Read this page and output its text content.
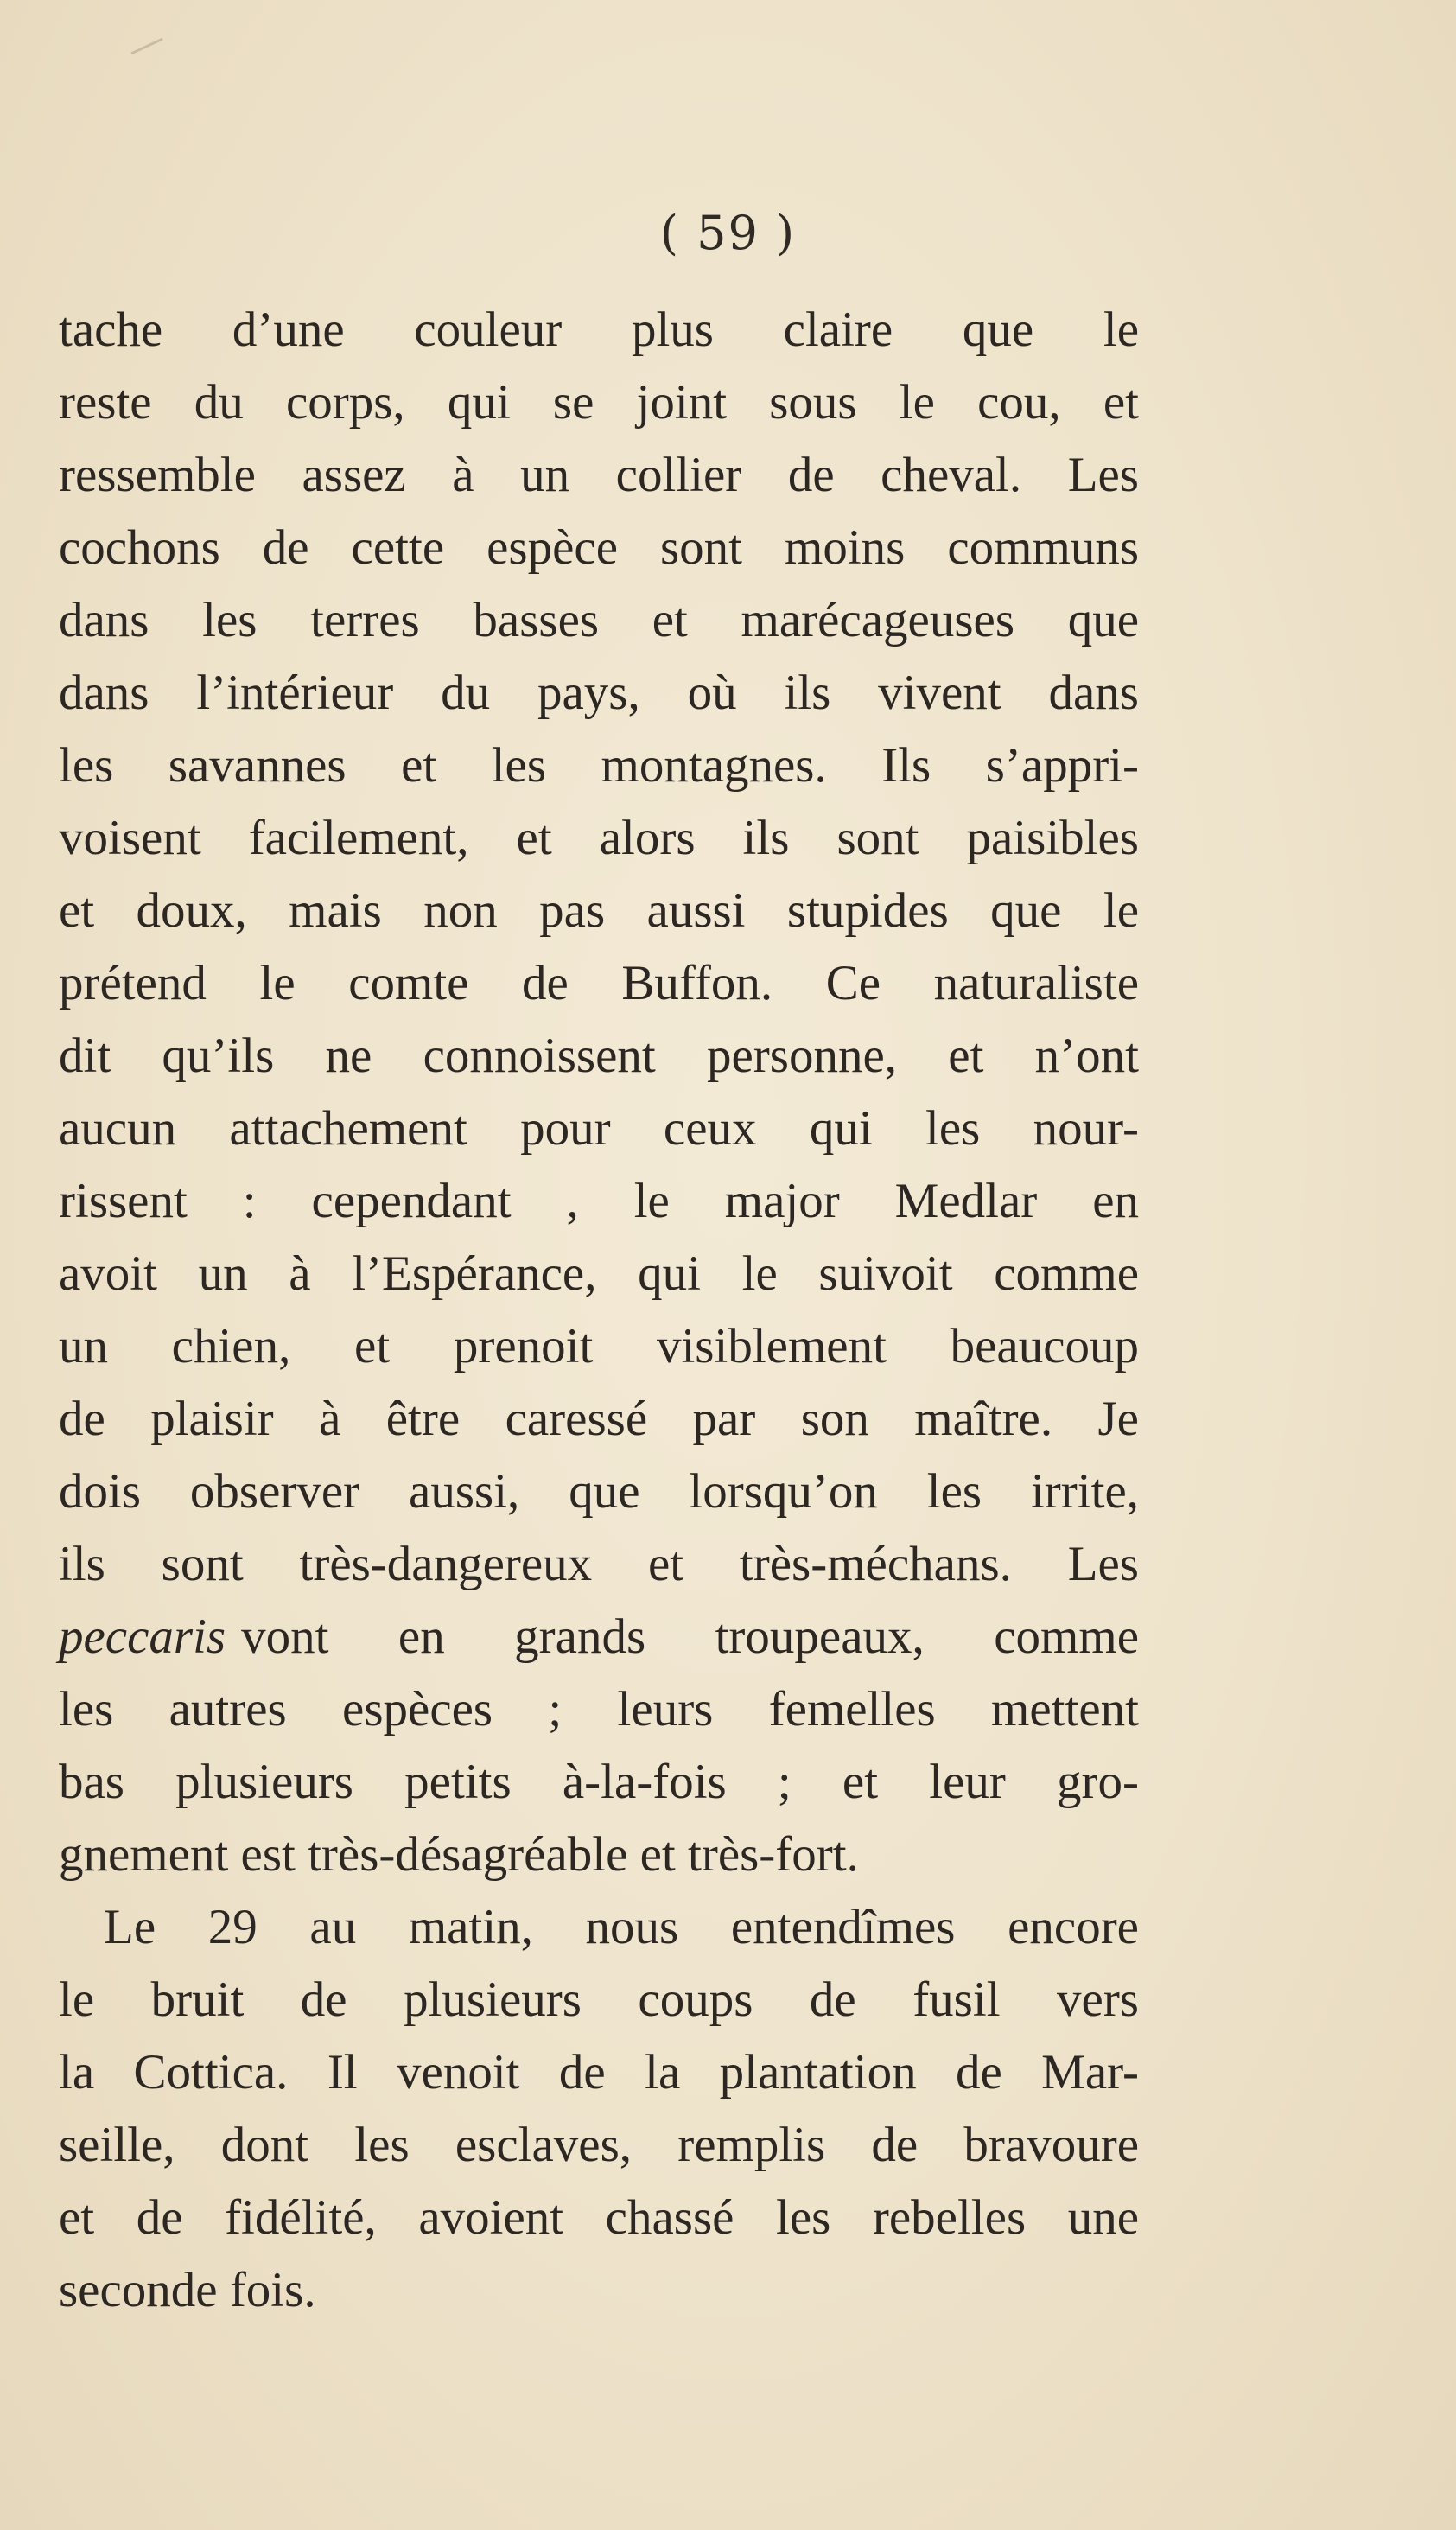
( 59 )
tache d’une couleur plus claire que le
reste du corps, qui se joint sous le cou, et
ressemble assez à un collier de cheval. Les
cochons de cette espèce sont moins communs
dans les terres basses et marécageuses que
dans l’intérieur du pays, où ils vivent dans
les savannes et les montagnes. Ils s’appri-
voisent facilement, et alors ils sont paisibles
et doux, mais non pas aussi stupides que le
prétend le comte de Buffon. Ce naturaliste
dit qu’ils ne connoissent personne, et n’ont
aucun attachement pour ceux qui les nour-
rissent : cependant , le major Medlar en
avoit un à l’Espérance, qui le suivoit comme
un chien, et prenoit visiblement beaucoup
de plaisir à être caressé par son maître. Je
dois observer aussi, que lorsqu’on les irrite,
ils sont très-dangereux et très-méchans. Les
peccaris vont en grands troupeaux, comme
les autres espèces ; leurs femelles mettent
bas plusieurs petits à-la-fois ; et leur gro-
gnement est très-désagréable et très-fort.
Le 29 au matin, nous entendîmes encore
le bruit de plusieurs coups de fusil vers
la Cottica. Il venoit de la plantation de Mar-
seille, dont les esclaves, remplis de bravoure
et de fidélité, avoient chassé les rebelles une
seconde fois.
